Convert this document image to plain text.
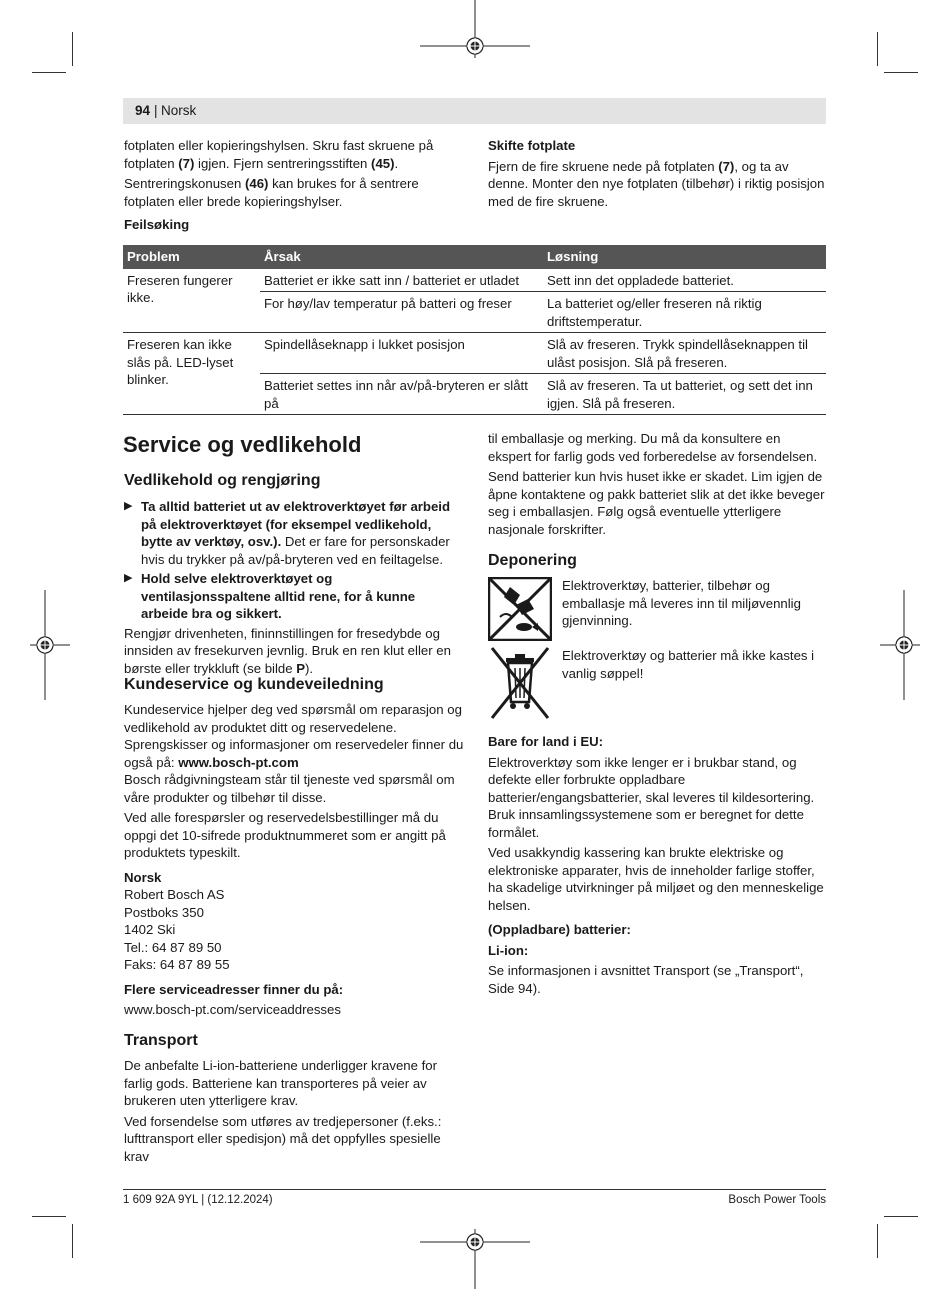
94 | Norsk

fotplaten eller kopieringshylsen. Skru fast skruene på fotplaten (7) igjen. Fjern sentreringsstiften (45).

Sentreringskonusen (46) kan brukes for å sentrere fotplaten eller brede kopieringshylser.

Feilsøking

Skifte fotplate

Fjern de fire skruene nede på fotplaten (7), og ta av denne. Monter den nye fotplaten (tilbehør) i riktig posisjon med de fire skruene.

Problem	Årsak	Løsning
Freseren fungerer ikke.	Batteriet er ikke satt inn / batteriet er utladet	Sett inn det oppladede batteriet.
	For høy/lav temperatur på batteri og freser	La batteriet og/eller freseren nå riktig driftstemperatur.
Freseren kan ikke slås på. LED-lyset blinker.	Spindellåseknapp i lukket posisjon	Slå av freseren. Trykk spindellåseknappen til ulåst posisjon. Slå på freseren.
	Batteriet settes inn når av/på-bryteren er slått på	Slå av freseren. Ta ut batteriet, og sett det inn igjen. Slå på freseren.
Service og vedlikehold
Vedlikehold og rengjøring
▶ Ta alltid batteriet ut av elektroverktøyet før arbeid på elektroverktøyet (for eksempel vedlikehold, bytte av verktøy, osv.). Det er fare for personskader hvis du trykker på av/på-bryteren ved en feiltagelse.
▶ Hold selve elektroverktøyet og ventilasjonsspaltene alltid rene, for å kunne arbeide bra og sikkert.

Rengjør drivenheten, fininnstillingen for fresedybde og innsiden av fresekurven jevnlig. Bruk en ren klut eller en børste eller trykkluft (se bilde P).

Kundeservice og kundeveiledning

Kundeservice hjelper deg ved spørsmål om reparasjon og vedlikehold av produktet ditt og reservedelene. Sprengskisser og informasjoner om reservedeler finner du også på: www.bosch-pt.com

Bosch rådgivningsteam står til tjeneste ved spørsmål om våre produkter og tilbehør til disse.

Ved alle forespørsler og reservedelsbestillinger må du oppgi det 10-sifrede produktnummeret som er angitt på produktets typeskilt.

Norsk

Robert Bosch AS

Postboks 350

1402 Ski

Tel.: 64 87 89 50

Faks: 64 87 89 55

Flere serviceadresser finner du på:

www.bosch-pt.com/serviceaddresses

Transport

De anbefalte Li-ion-batteriene underligger kravene for farlig gods. Batteriene kan transporteres på veier av brukeren uten ytterligere krav.

Ved forsendelse som utføres av tredjepersoner (f.eks.: lufttransport eller spedisjon) må det oppfylles spesielle krav

til emballasje og merking. Du må da konsultere en ekspert for farlig gods ved forberedelse av forsendelsen.

Send batterier kun hvis huset ikke er skadet. Lim igjen de åpne kontaktene og pakk batteriet slik at det ikke beveger seg i emballasjen. Følg også eventuelle ytterligere nasjonale forskrifter.

Deponering

Elektroverktøy, batterier, tilbehør og emballasje må leveres inn til miljøvennlig gjenvinning.

Elektroverktøy og batterier må ikke kastes i vanlig søppel!

Bare for land i EU:

Elektroverktøy som ikke lenger er i brukbar stand, og defekte eller forbrukte oppladbare batterier/engangsbatterier, skal leveres til kildesortering. Bruk innsamlingssystemene som er beregnet for dette formålet.

Ved usakkyndig kassering kan brukte elektriske og elektroniske apparater, hvis de inneholder farlige stoffer, ha skadelige utvirkninger på miljøet og den menneskelige helsen.

(Oppladbare) batterier:

Li-ion:

Se informasjonen i avsnittet Transport (se „Transport“, Side 94).

1 609 92A 9YL | (12.12.2024)	Bosch Power Tools
